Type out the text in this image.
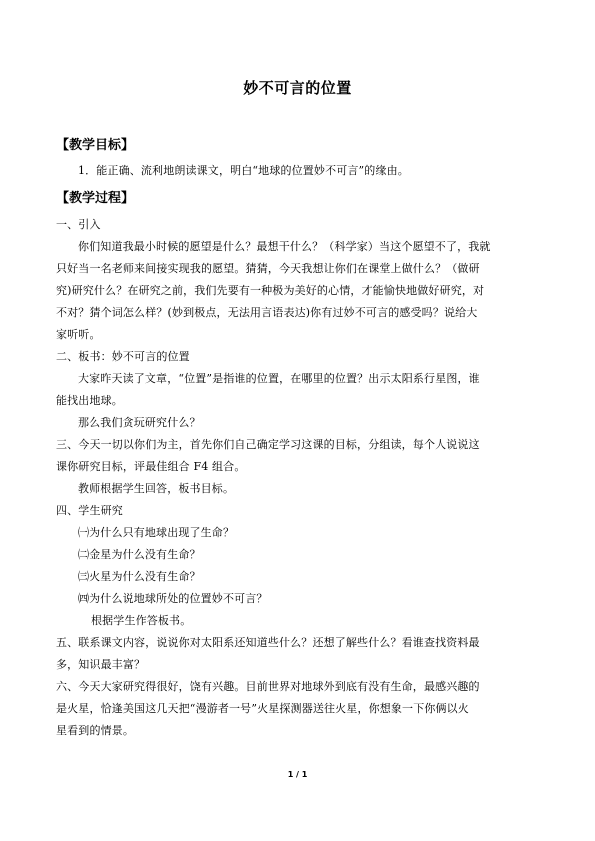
妙不可言的位置
【教学目标】
1．能正确、流利地朗读课文，明白“地球的位置妙不可言”的缘由。
【教学过程】
一、引入
你们知道我最小时候的愿望是什么？最想干什么？（科学家）当这个愿望不了，我就
只好当一名老师来间接实现我的愿望。猜猜，今天我想让你们在课堂上做什么？（做研
究)研究什么？在研究之前，我们先要有一种极为美好的心情，才能愉快地做好研究，对
不对？猜个词怎么样？(妙到极点，无法用言语表达)你有过妙不可言的感受吗？说给大
家听听。
二、板书：妙不可言的位置
大家昨天读了文章，“位置”是指谁的位置，在哪里的位置？出示太阳系行星图，谁
能找出地球。
那么我们贪玩研究什么？
三、今天一切以你们为主，首先你们自己确定学习这课的目标，分组读，每个人说说这
课你研究目标，评最佳组合 F4 组合。
教师根据学生回答，板书目标。
四、学生研究
㈠为什么只有地球出现了生命？
㈡金星为什么没有生命？
㈢火星为什么没有生命？
㈣为什么说地球所处的位置妙不可言？
根据学生作答板书。
五、联系课文内容，说说你对太阳系还知道些什么？还想了解些什么？看谁查找资料最
多，知识最丰富？
六、今天大家研究得很好，饶有兴趣。目前世界对地球外到底有没有生命，最感兴趣的
是火星，恰逢美国这几天把“漫游者一号”火星探测器送往火星，你想象一下你俩以火
星看到的情景。
1 / 1
